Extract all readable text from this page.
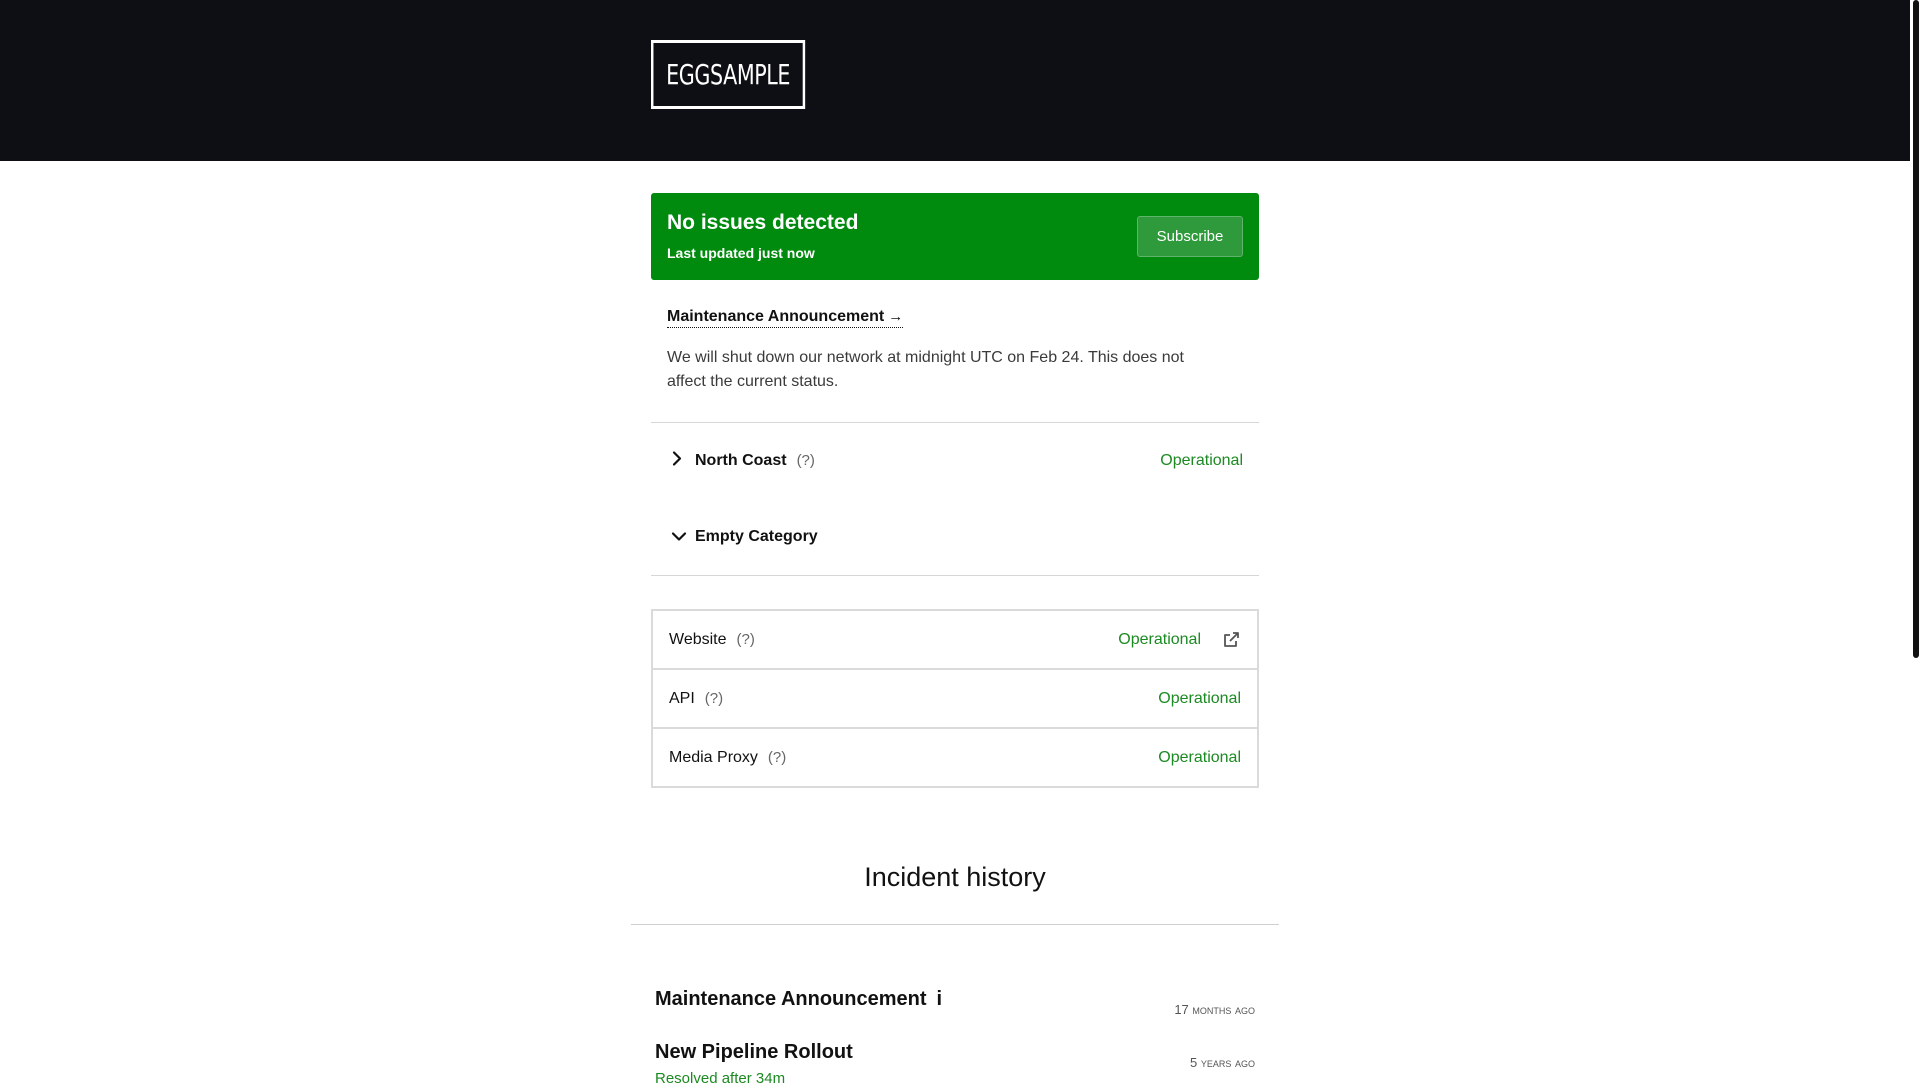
EGGSAMPLE
No issues detected
Last updated just now
Subscribe
Maintenance Announcement →
We will shut down our network at midnight UTC on Feb 24. This does not affect the current status.
North Coast (?)	Operational
Empty Category
Website (?)	Operational
API (?)	Operational
Media Proxy (?)	Operational
Incident history
Maintenance Announcement i	17 months ago
New Pipeline Rollout	5 years ago
Resolved after 34m
